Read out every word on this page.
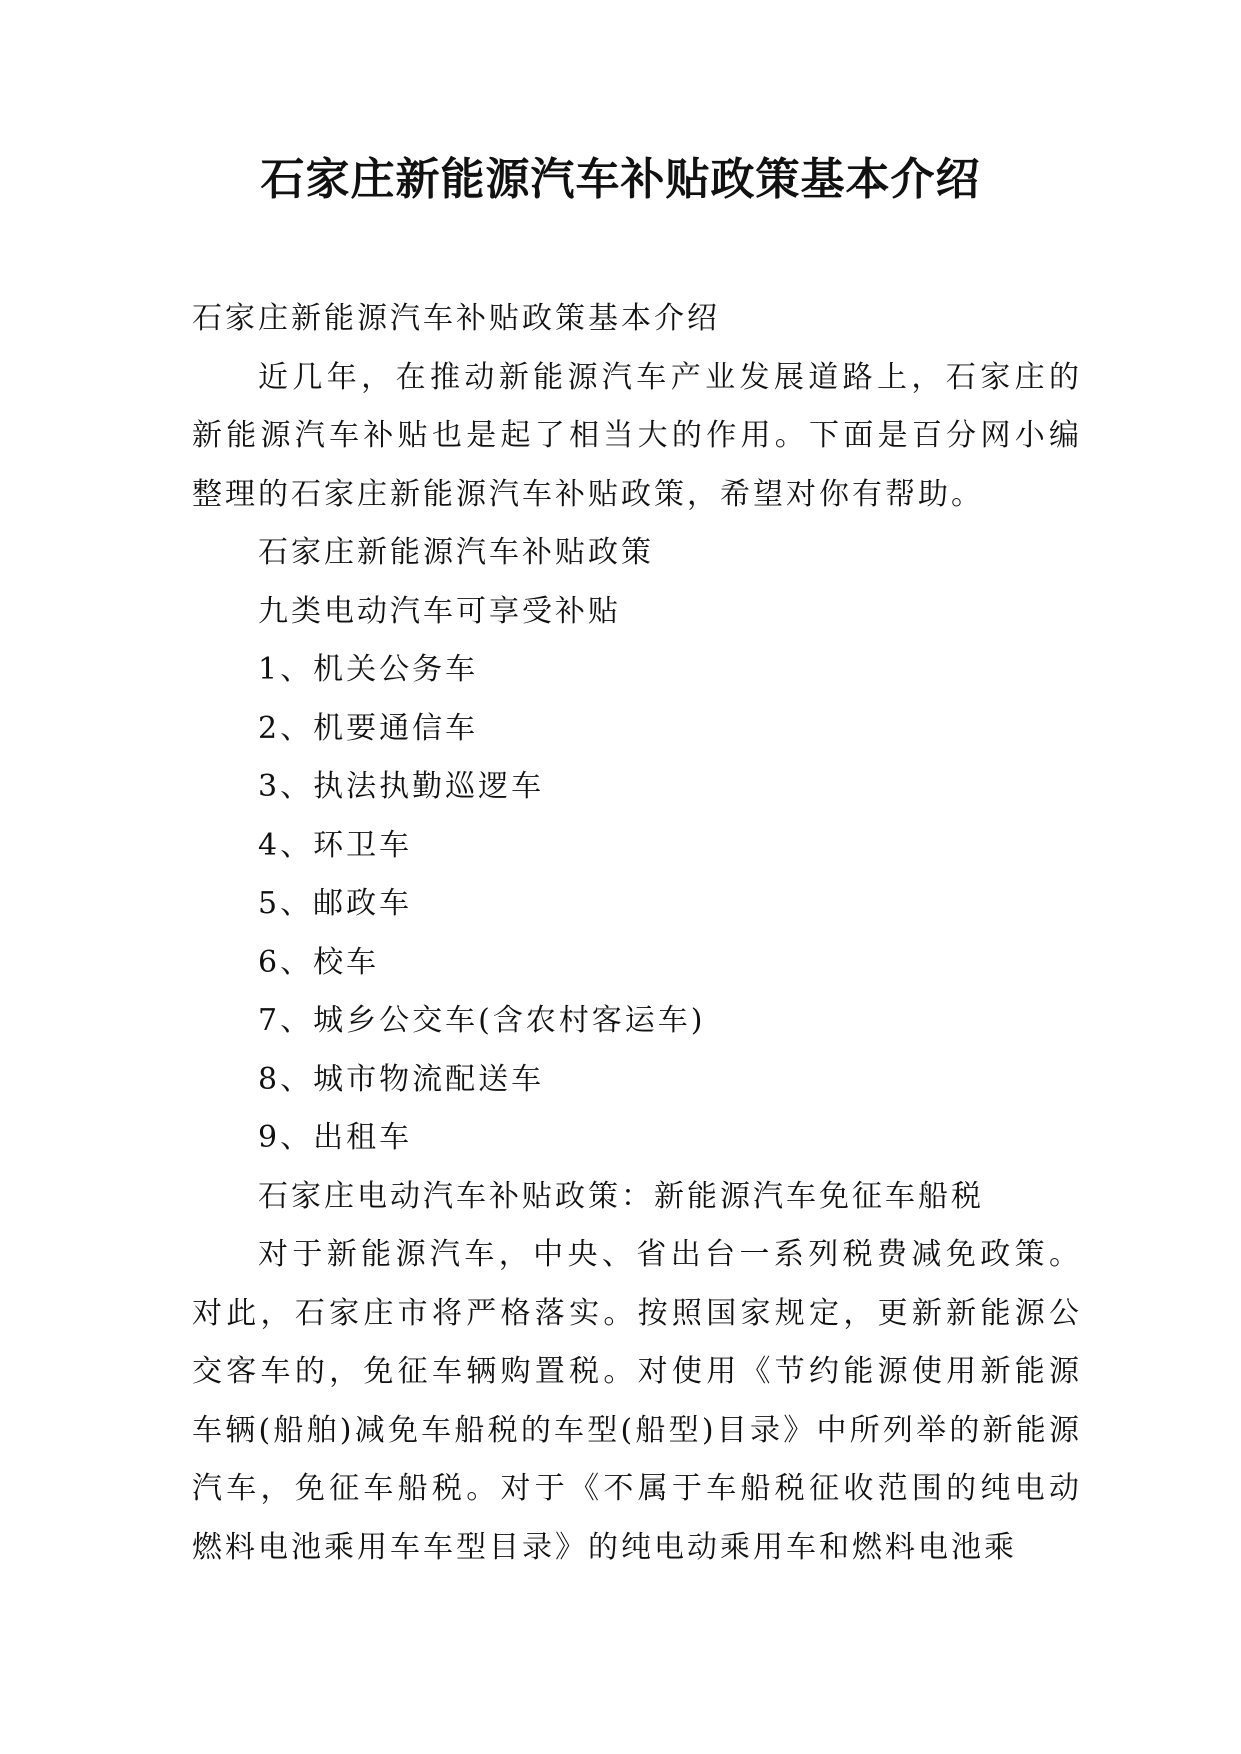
石家庄新能源汽车补贴政策基本介绍

石家庄新能源汽车补贴政策基本介绍

近几年，在推动新能源汽车产业发展道路上，石家庄的新能源汽车补贴也是起了相当大的作用。下面是百分网小编整理的石家庄新能源汽车补贴政策，希望对你有帮助。

石家庄新能源汽车补贴政策

九类电动汽车可享受补贴

1、机关公务车

2、机要通信车

3、执法执勤巡逻车

4、环卫车

5、邮政车

6、校车

7、城乡公交车(含农村客运车)

8、城市物流配送车

9、出租车

石家庄电动汽车补贴政策：新能源汽车免征车船税

对于新能源汽车，中央、省出台一系列税费减免政策。对此，石家庄市将严格落实。按照国家规定，更新新能源公交客车的，免征车辆购置税。对使用《节约能源使用新能源车辆(船舶)减免车船税的车型(船型)目录》中所列举的新能源汽车，免征车船税。对于《不属于车船税征收范围的纯电动燃料电池乘用车车型目录》的纯电动乘用车和燃料电池乘
